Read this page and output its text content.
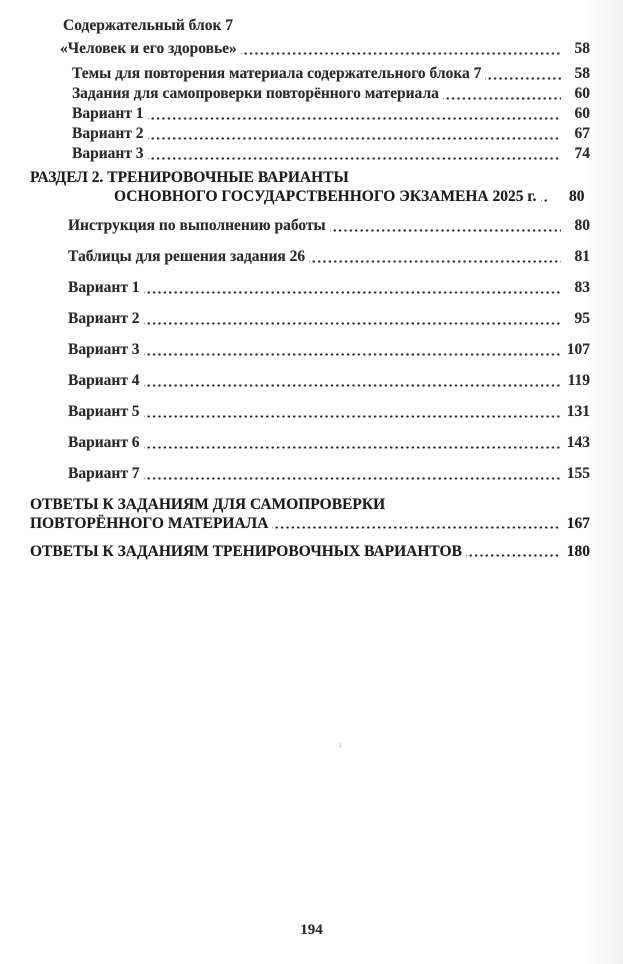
Содержательный блок 7
«Человек и его здоровье»	58
Темы для повторения материала содержательного блока 7	58
Задания для самопроверки повторённого материала	60
Вариант 1	60
Вариант 2	67
Вариант 3	74
РАЗДЕЛ 2. ТРЕНИРОВОЧНЫЕ ВАРИАНТЫ
ОСНОВНОГО ГОСУДАРСТВЕННОГО ЭКЗАМЕНА 2025 г.	80
Инструкция по выполнению работы	80
Таблицы для решения задания 26	81
Вариант 1	83
Вариант 2	95
Вариант 3	107
Вариант 4	119
Вариант 5	131
Вариант 6	143
Вариант 7	155
ОТВЕТЫ К ЗАДАНИЯМ ДЛЯ САМОПРОВЕРКИ
ПОВТОРЁННОГО МАТЕРИАЛА	167
ОТВЕТЫ К ЗАДАНИЯМ ТРЕНИРОВОЧНЫХ ВАРИАНТОВ	180
194
